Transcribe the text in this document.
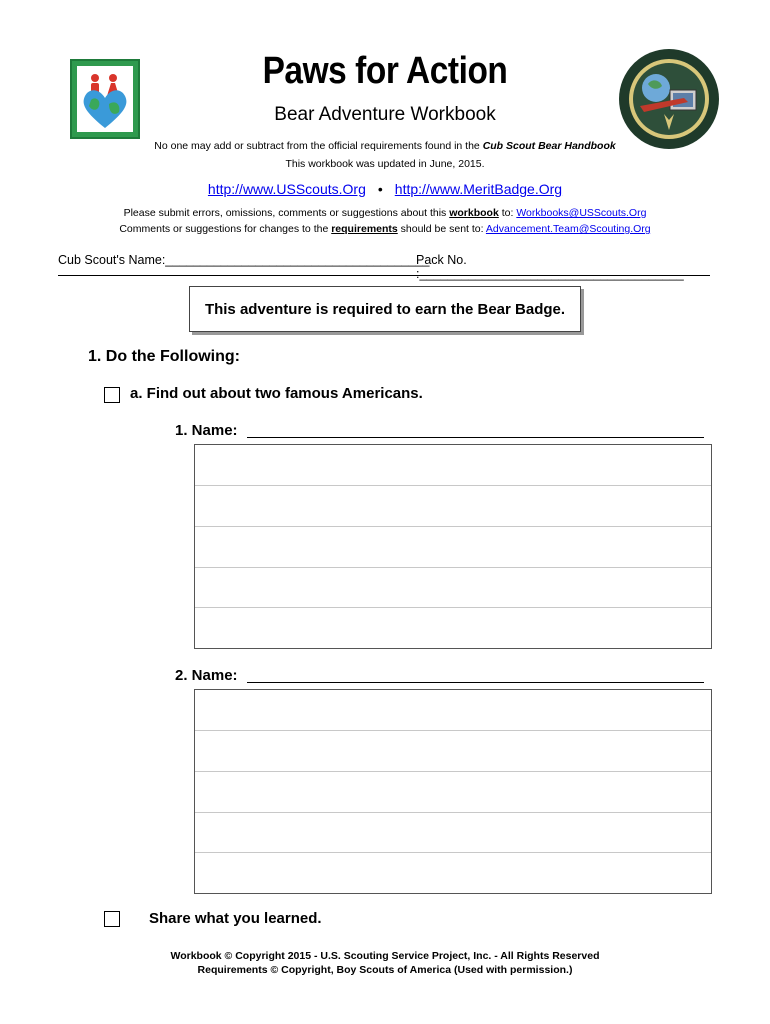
Paws for Action
Bear Adventure Workbook
No one may add or subtract from the official requirements found in the Cub Scout Bear Handbook
This workbook was updated in June, 2015.
http://www.USScouts.Org • http://www.MeritBadge.Org
Please submit errors, omissions, comments or suggestions about this workbook to: Workbooks@USScouts.Org
Comments or suggestions for changes to the requirements should be sent to: Advancement.Team@Scouting.Org
Cub Scout's Name:______________________________________
Pack No. :______________________________________
This adventure is required to earn the Bear Badge.
1. Do the Following:
a. Find out about two famous Americans.
1. Name:
2. Name:
Share what you learned.
Workbook © Copyright 2015 - U.S. Scouting Service Project, Inc. - All Rights Reserved
Requirements © Copyright, Boy Scouts of America (Used with permission.)
